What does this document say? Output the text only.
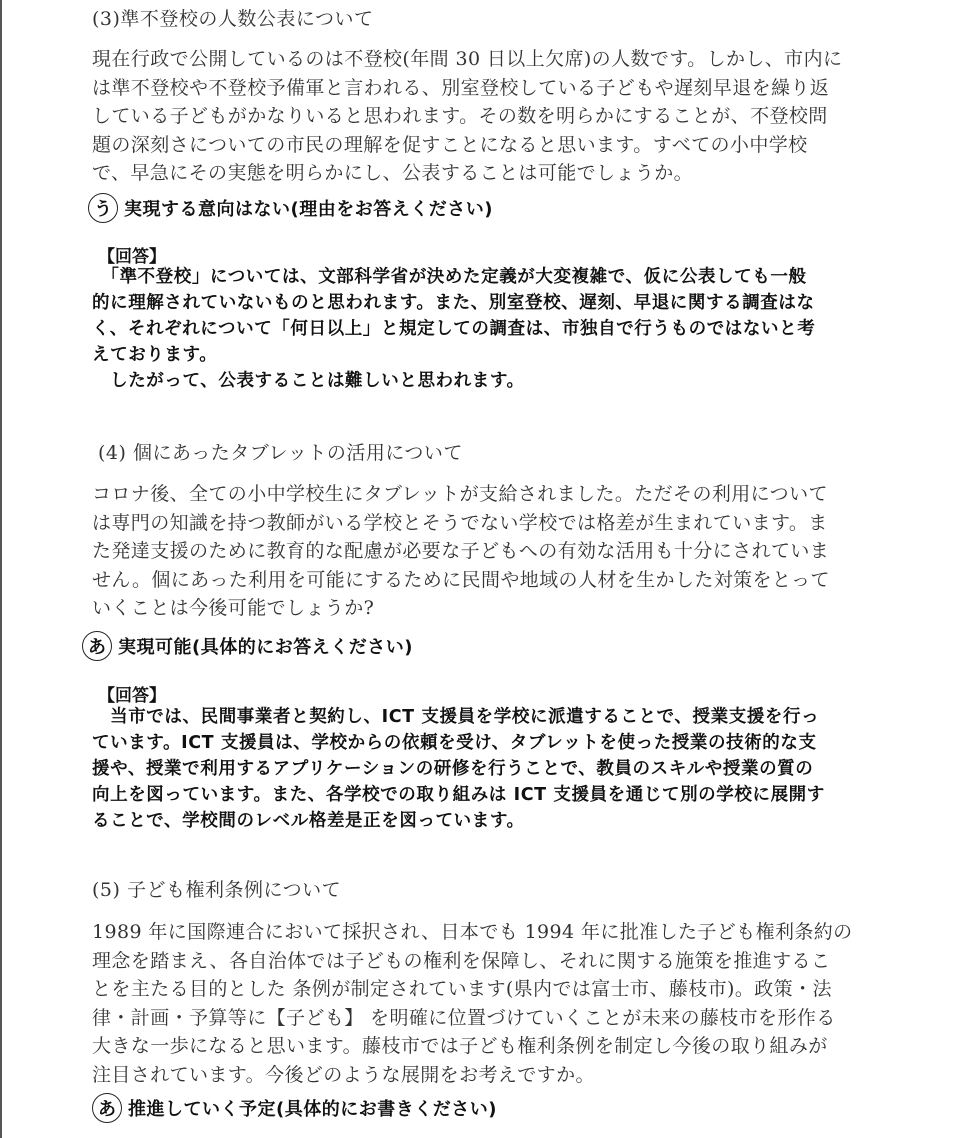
(3)準不登校の人数公表について
現在行政で公開しているのは不登校(年間 30 日以上欠席)の人数です。しかし、市内に
は準不登校や不登校予備軍と言われる、別室登校している子どもや遅刻早退を繰り返
している子どもがかなりいると思われます。その数を明らかにすることが、不登校問
題の深刻さについての市民の理解を促すことになると思います。すべての小中学校
で、早急にその実態を明らかにし、公表することは可能でしょうか。
う 実現する意向はない(理由をお答えください)
【回答】
　「準不登校」については、文部科学省が決めた定義が大変複雑で、仮に公表しても一般
的に理解されていないものと思われます。また、別室登校、遅刻、早退に関する調査はな
く、それぞれについて「何日以上」と規定しての調査は、市独自で行うものではないと考
えております。
　したがって、公表することは難しいと思われます。
(4) 個にあったタブレットの活用について
コロナ後、全ての小中学校生にタブレットが支給されました。ただその利用について
は専門の知識を持つ教師がいる学校とそうでない学校では格差が生まれています。ま
た発達支援のために教育的な配慮が必要な子どもへの有効な活用も十分にされていま
せん。個にあった利用を可能にするために民間や地域の人材を生かした対策をとって
いくことは今後可能でしょうか?
あ 実現可能(具体的にお答えください)
【回答】
　当市では、民間事業者と契約し、ICT 支援員を学校に派遣することで、授業支援を行っ
ています。ICT 支援員は、学校からの依頼を受け、タブレットを使った授業の技術的な支
援や、授業で利用するアプリケーションの研修を行うことで、教員のスキルや授業の質の
向上を図っています。また、各学校での取り組みは ICT 支援員を通じて別の学校に展開す
ることで、学校間のレベル格差是正を図っています。
(5) 子ども権利条例について
1989 年に国際連合において採択され、日本でも 1994 年に批准した子ども権利条約の
理念を踏まえ、各自治体では子どもの権利を保障し、それに関する施策を推進するこ
とを主たる目的とした 条例が制定されています(県内では富士市、藤枝市)。政策・法
律・計画・予算等に【子ども】 を明確に位置づけていくことが未来の藤枝市を形作る
大きな一歩になると思います。藤枝市では子ども権利条例を制定し今後の取り組みが
注目されています。今後どのような展開をお考えですか。
あ 推進していく予定(具体的にお書きください)
